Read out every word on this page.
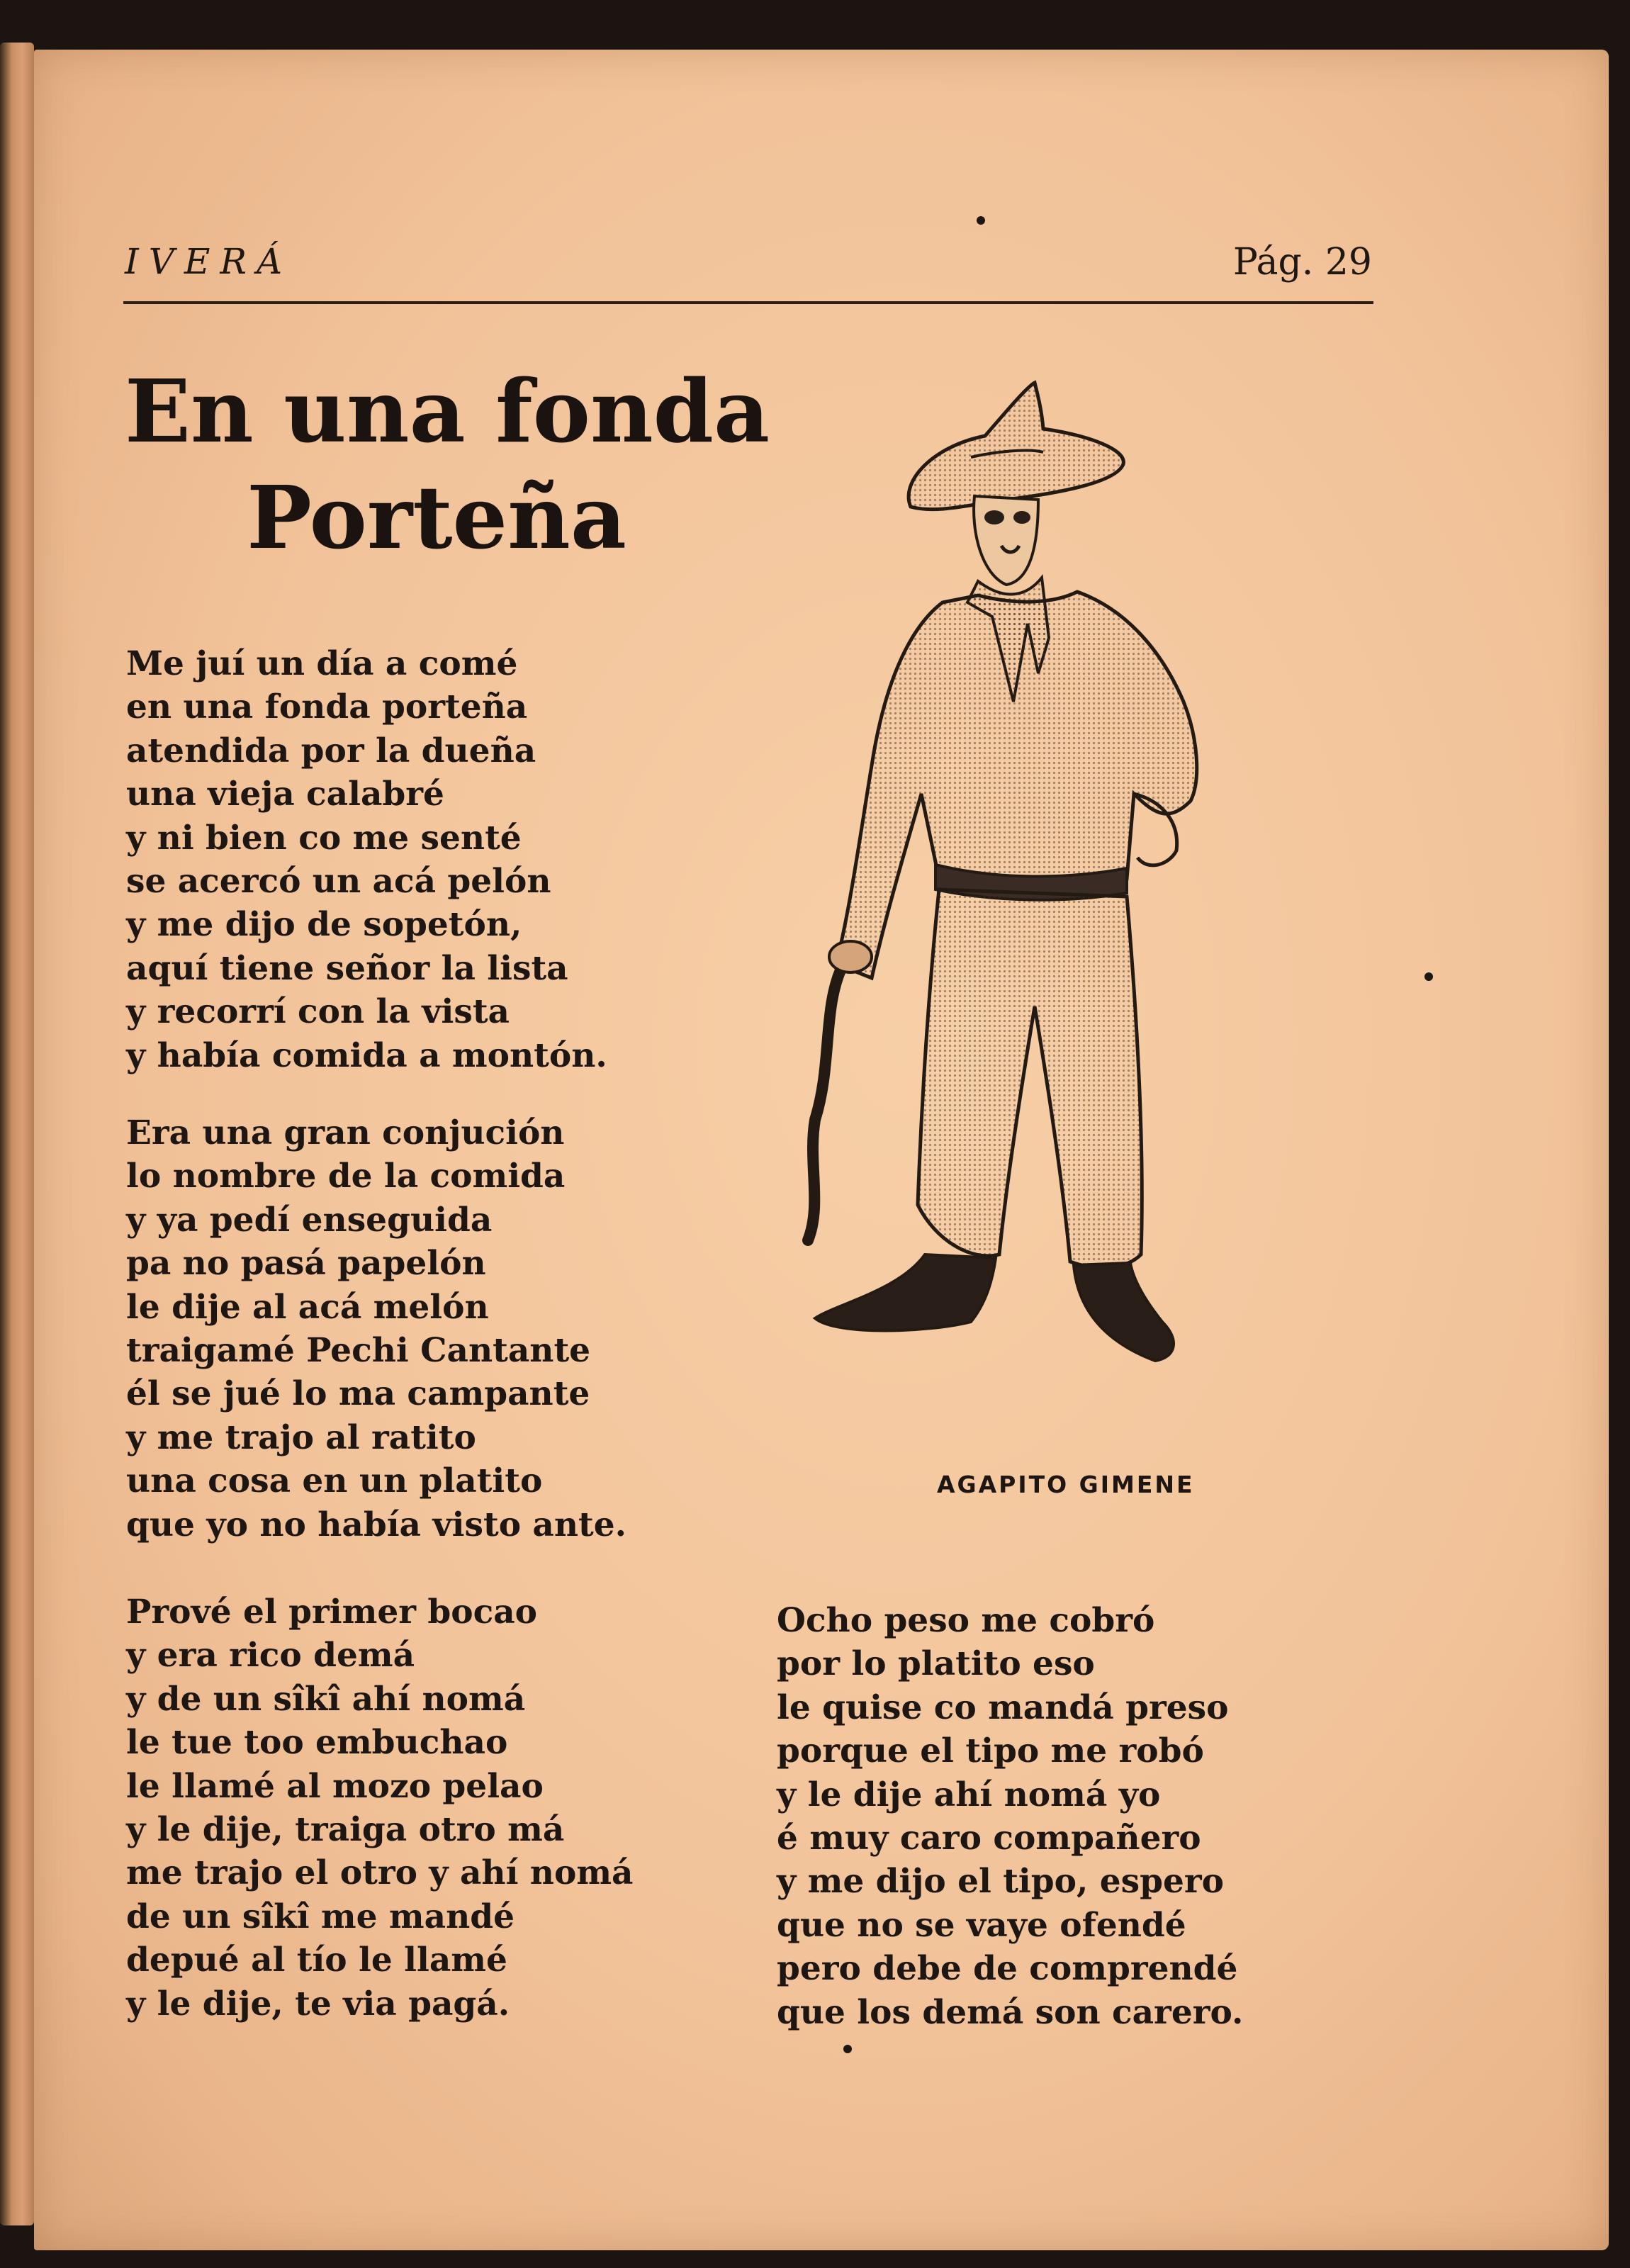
IVERÁ	Pág. 29
En una fonda
Porteña
Me juí un día a comé
en una fonda porteña
atendida por la dueña
una vieja calabré
y ni bien co me senté
se acercó un acá pelón
y me dijo de sopetón,
aquí tiene señor la lista
y recorrí con la vista
y había comida a montón.
Era una gran conjución
lo nombre de la comida
y ya pedí enseguida
pa no pasá papelón
le dije al acá melón
traigamé Pechi Cantante
él se jué lo ma campante
y me trajo al ratito
una cosa en un platito
que yo no había visto ante.
Prové el primer bocao
y era rico demá
y de un sîkî ahí nomá
le tue too embuchao
le llamé al mozo pelao
y le dije, traiga otro má
me trajo el otro y ahí nomá
de un sîkî me mandé
depué al tío le llamé
y le dije, te via pagá.
Ocho peso me cobró
por lo platito eso
le quise co mandá preso
porque el tipo me robó
y le dije ahí nomá yo
é muy caro compañero
y me dijo el tipo, espero
que no se vaye ofendé
pero debe de comprendé
que los demá son carero.
AGAPITO GIMENE
